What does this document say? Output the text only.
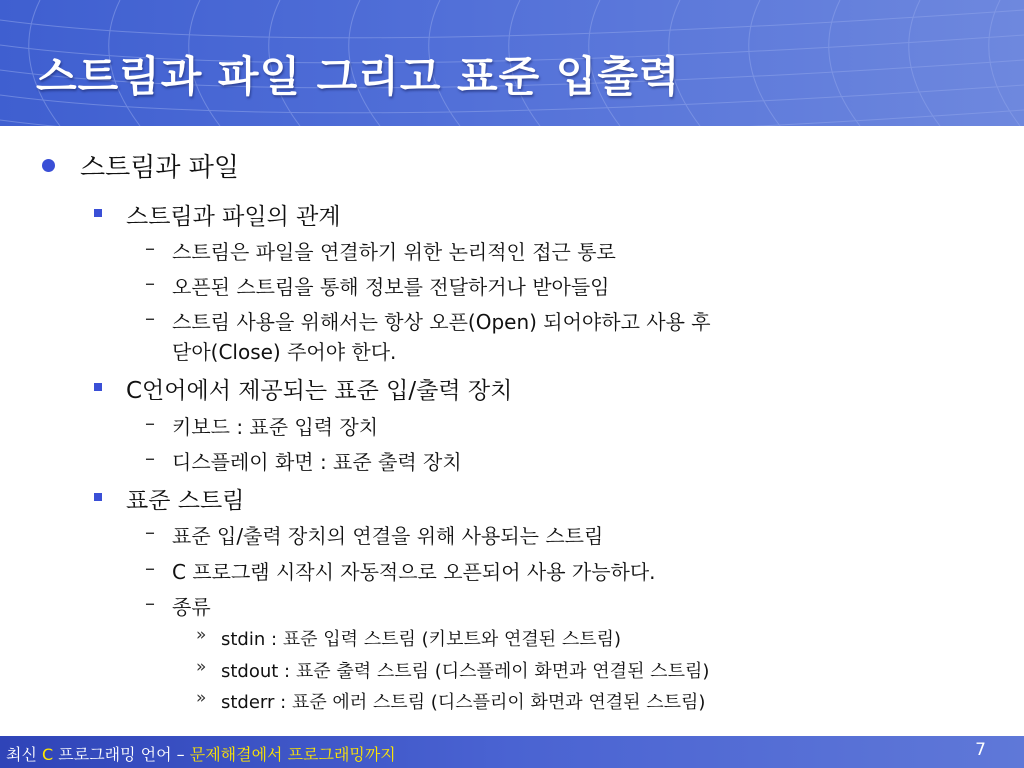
스트림과 파일 그리고 표준 입출력
스트림과 파일
스트림과 파일의 관계
– 스트림은 파일을 연결하기 위한 논리적인 접근 통로
– 오픈된 스트림을 통해 정보를 전달하거나 받아들임
– 스트림 사용을 위해서는 항상 오픈(Open) 되어야하고 사용 후
닫아(Close) 주어야 한다.
C언어에서 제공되는 표준 입/출력 장치
– 키보드 : 표준 입력 장치
– 디스플레이 화면 : 표준 출력 장치
표준 스트림
– 표준 입/출력 장치의 연결을 위해 사용되는 스트림
– C 프로그램 시작시 자동적으로 오픈되어 사용 가능하다.
– 종류
» stdin : 표준 입력 스트림 (키보트와 연결된 스트림)
» stdout : 표준 출력 스트림 (디스플레이 화면과 연결된 스트림)
» stderr : 표준 에러 스트림 (디스플리이 화면과 연결된 스트림)
최신 C 프로그래밍 언어 – 문제해결에서 프로그래밍까지	7
